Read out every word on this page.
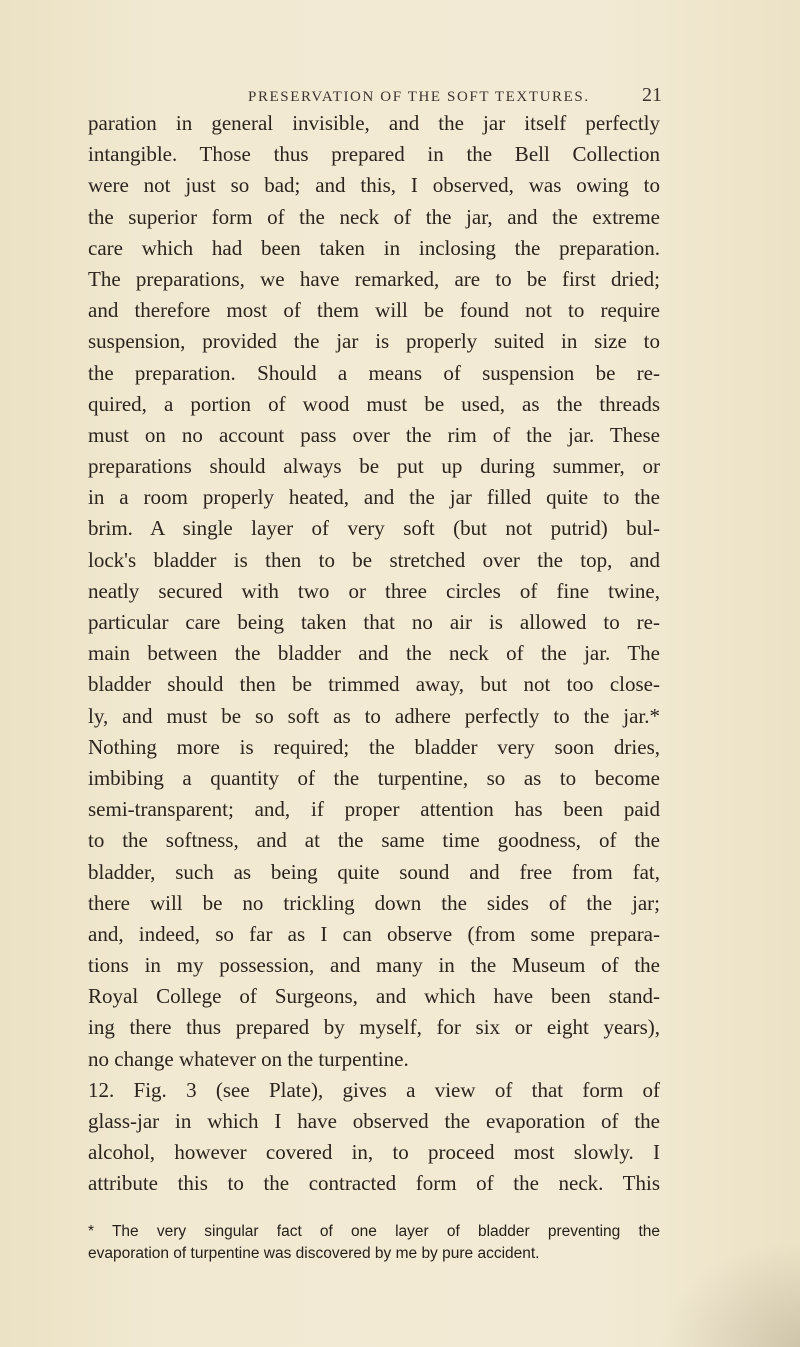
PRESERVATION OF THE SOFT TEXTURES.	21
paration in general invisible, and the jar itself perfectly
intangible. Those thus prepared in the Bell Collection
were not just so bad; and this, I observed, was owing to
the superior form of the neck of the jar, and the extreme
care which had been taken in inclosing the preparation.
The preparations, we have remarked, are to be first dried;
and therefore most of them will be found not to require
suspension, provided the jar is properly suited in size to
the preparation. Should a means of suspension be re-
quired, a portion of wood must be used, as the threads
must on no account pass over the rim of the jar. These
preparations should always be put up during summer, or
in a room properly heated, and the jar filled quite to the
brim. A single layer of very soft (but not putrid) bul-
lock's bladder is then to be stretched over the top, and
neatly secured with two or three circles of fine twine,
particular care being taken that no air is allowed to re-
main between the bladder and the neck of the jar. The
bladder should then be trimmed away, but not too close-
ly, and must be so soft as to adhere perfectly to the jar.*
Nothing more is required; the bladder very soon dries,
imbibing a quantity of the turpentine, so as to become
semi-transparent; and, if proper attention has been paid
to the softness, and at the same time goodness, of the
bladder, such as being quite sound and free from fat,
there will be no trickling down the sides of the jar;
and, indeed, so far as I can observe (from some prepara-
tions in my possession, and many in the Museum of the
Royal College of Surgeons, and which have been stand-
ing there thus prepared by myself, for six or eight years),
no change whatever on the turpentine.
12. Fig. 3 (see Plate), gives a view of that form of
glass-jar in which I have observed the evaporation of the
alcohol, however covered in, to proceed most slowly. I
attribute this to the contracted form of the neck. This
* The very singular fact of one layer of bladder preventing the
evaporation of turpentine was discovered by me by pure accident.
